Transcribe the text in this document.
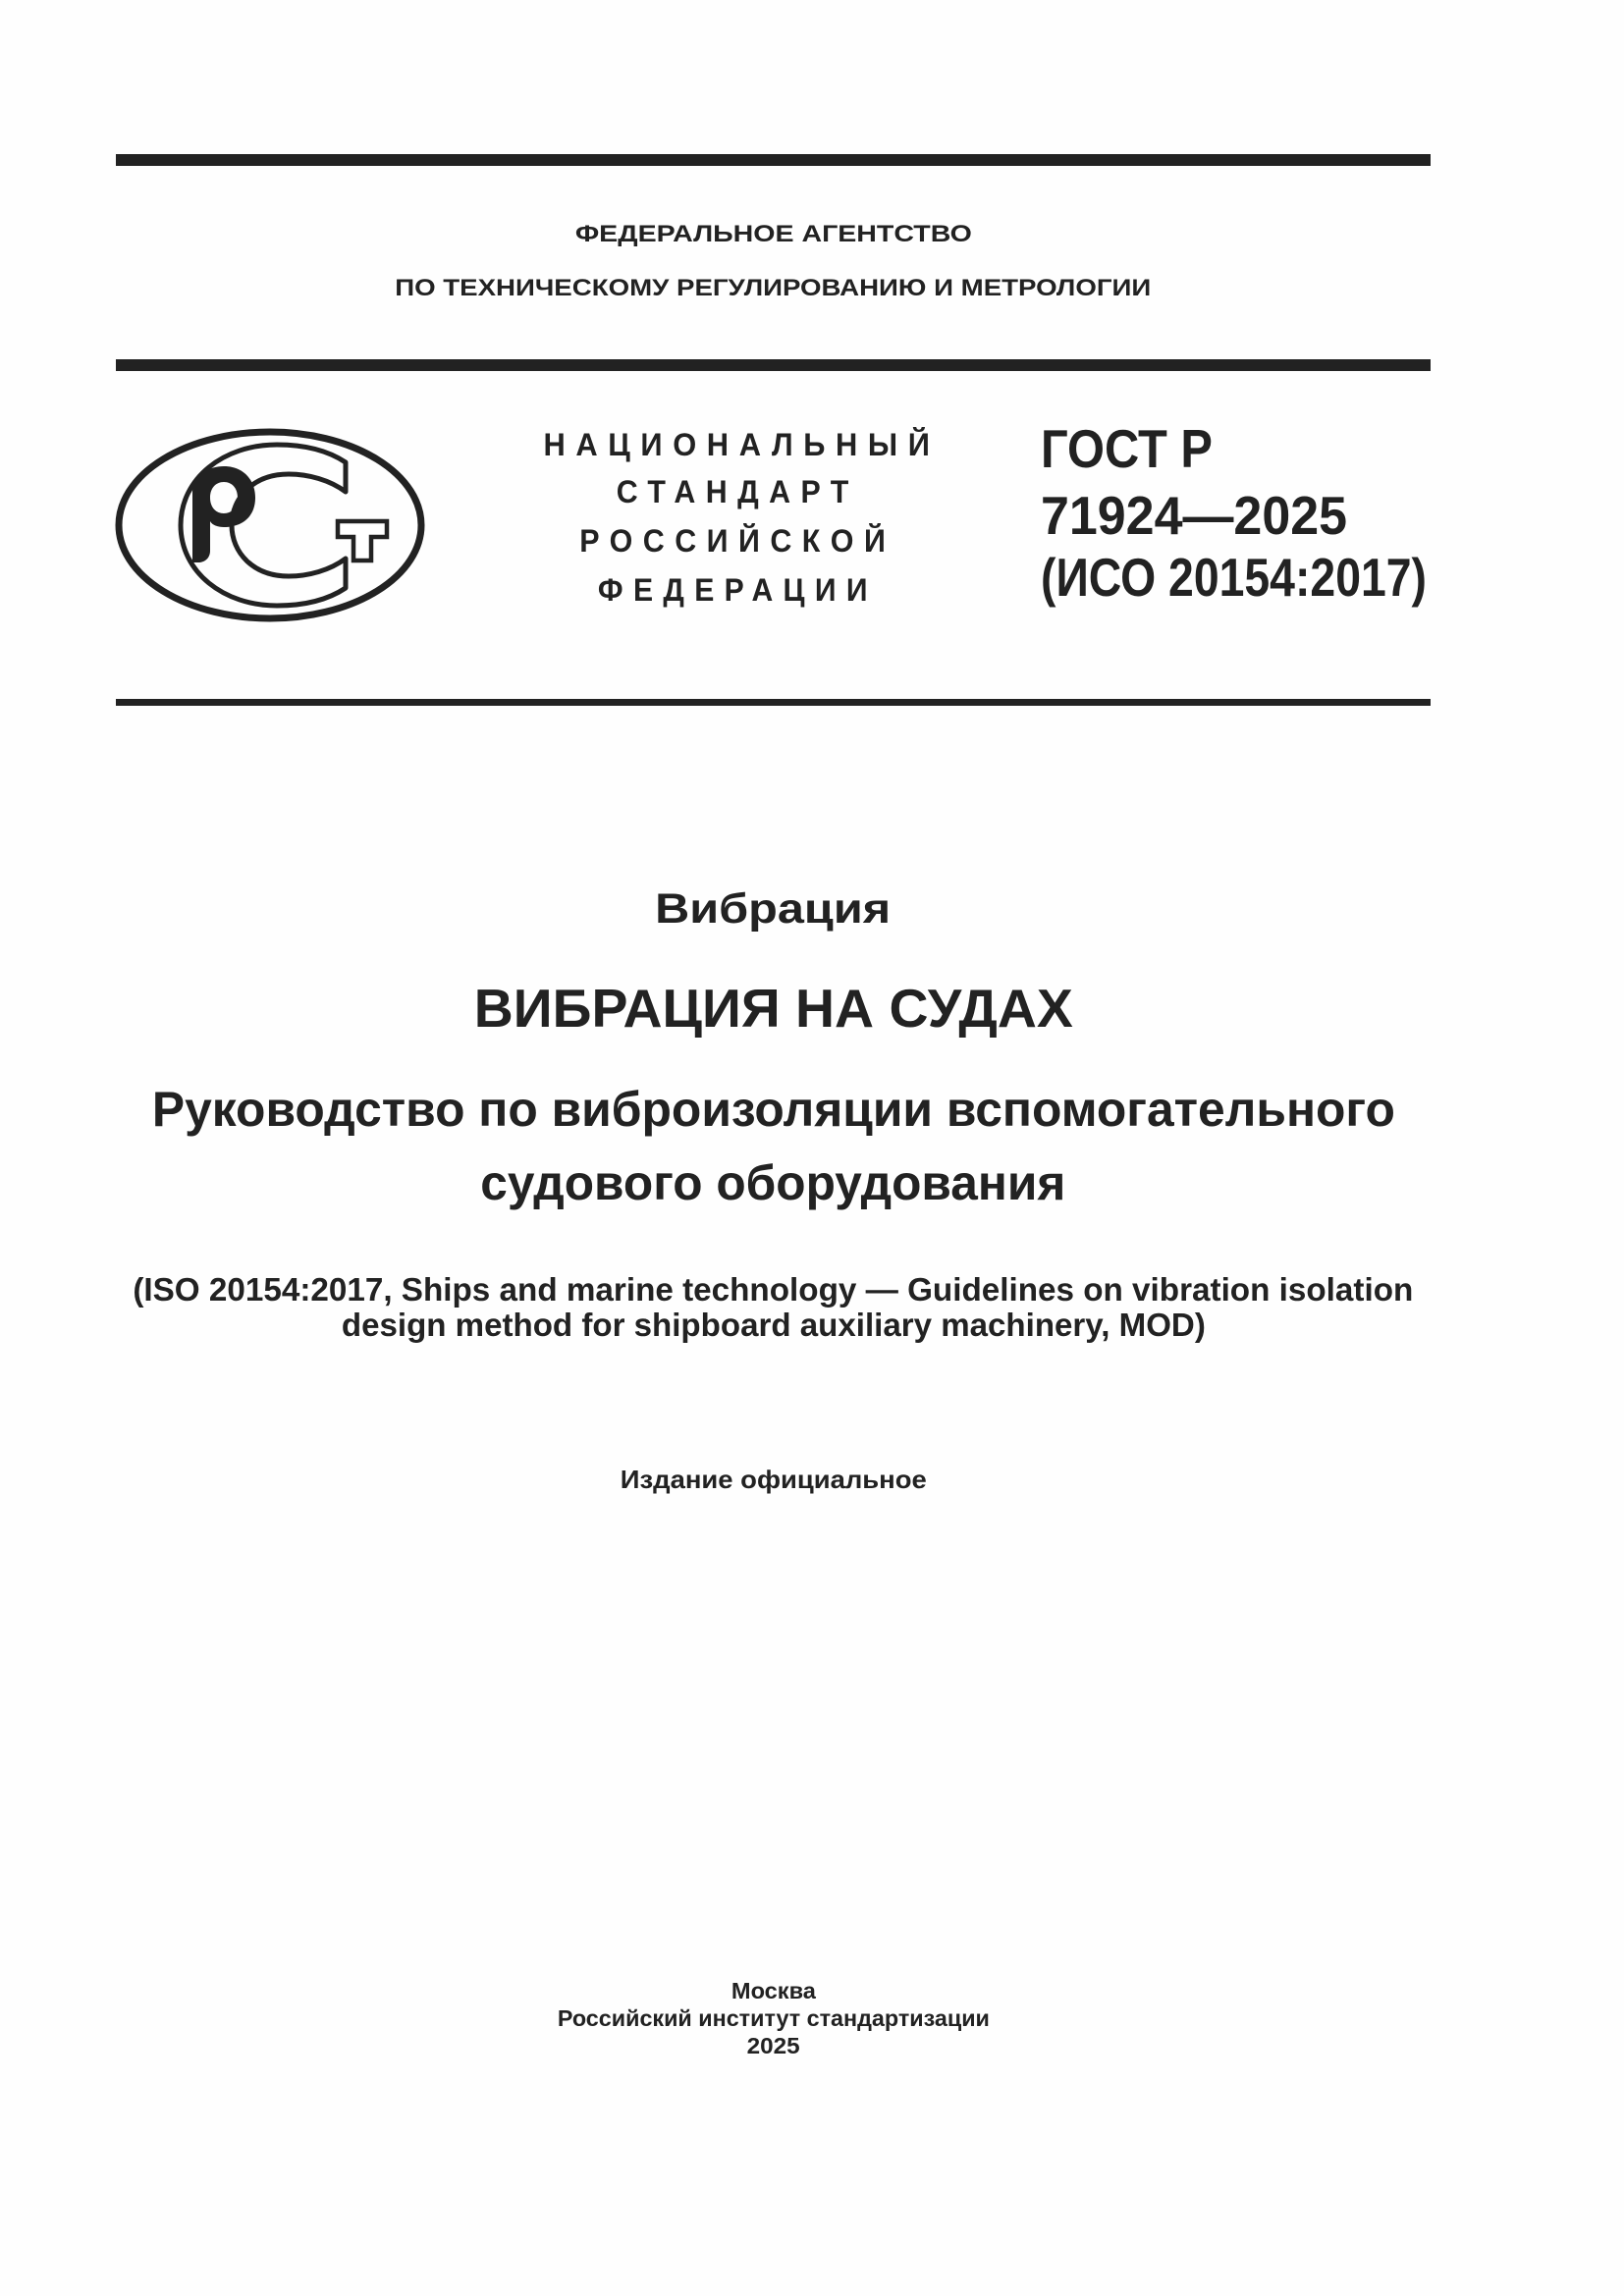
ФЕДЕРАЛЬНОЕ АГЕНТСТВО
ПО ТЕХНИЧЕСКОМУ РЕГУЛИРОВАНИЮ И МЕТРОЛОГИИ
НАЦИОНАЛЬНЫЙ
СТАНДАРТ
РОССИЙСКОЙ
ФЕДЕРАЦИИ
ГОСТ Р
71924—2025
(ИСО 20154:2017)
Вибрация
ВИБРАЦИЯ НА СУДАХ
Руководство по виброизоляции вспомогательного
судового оборудования
(ISO 20154:2017, Ships and marine technology — Guidelines on vibration isolation
design method for shipboard auxiliary machinery, MOD)
Издание официальное
Москва
Российский институт стандартизации
2025
